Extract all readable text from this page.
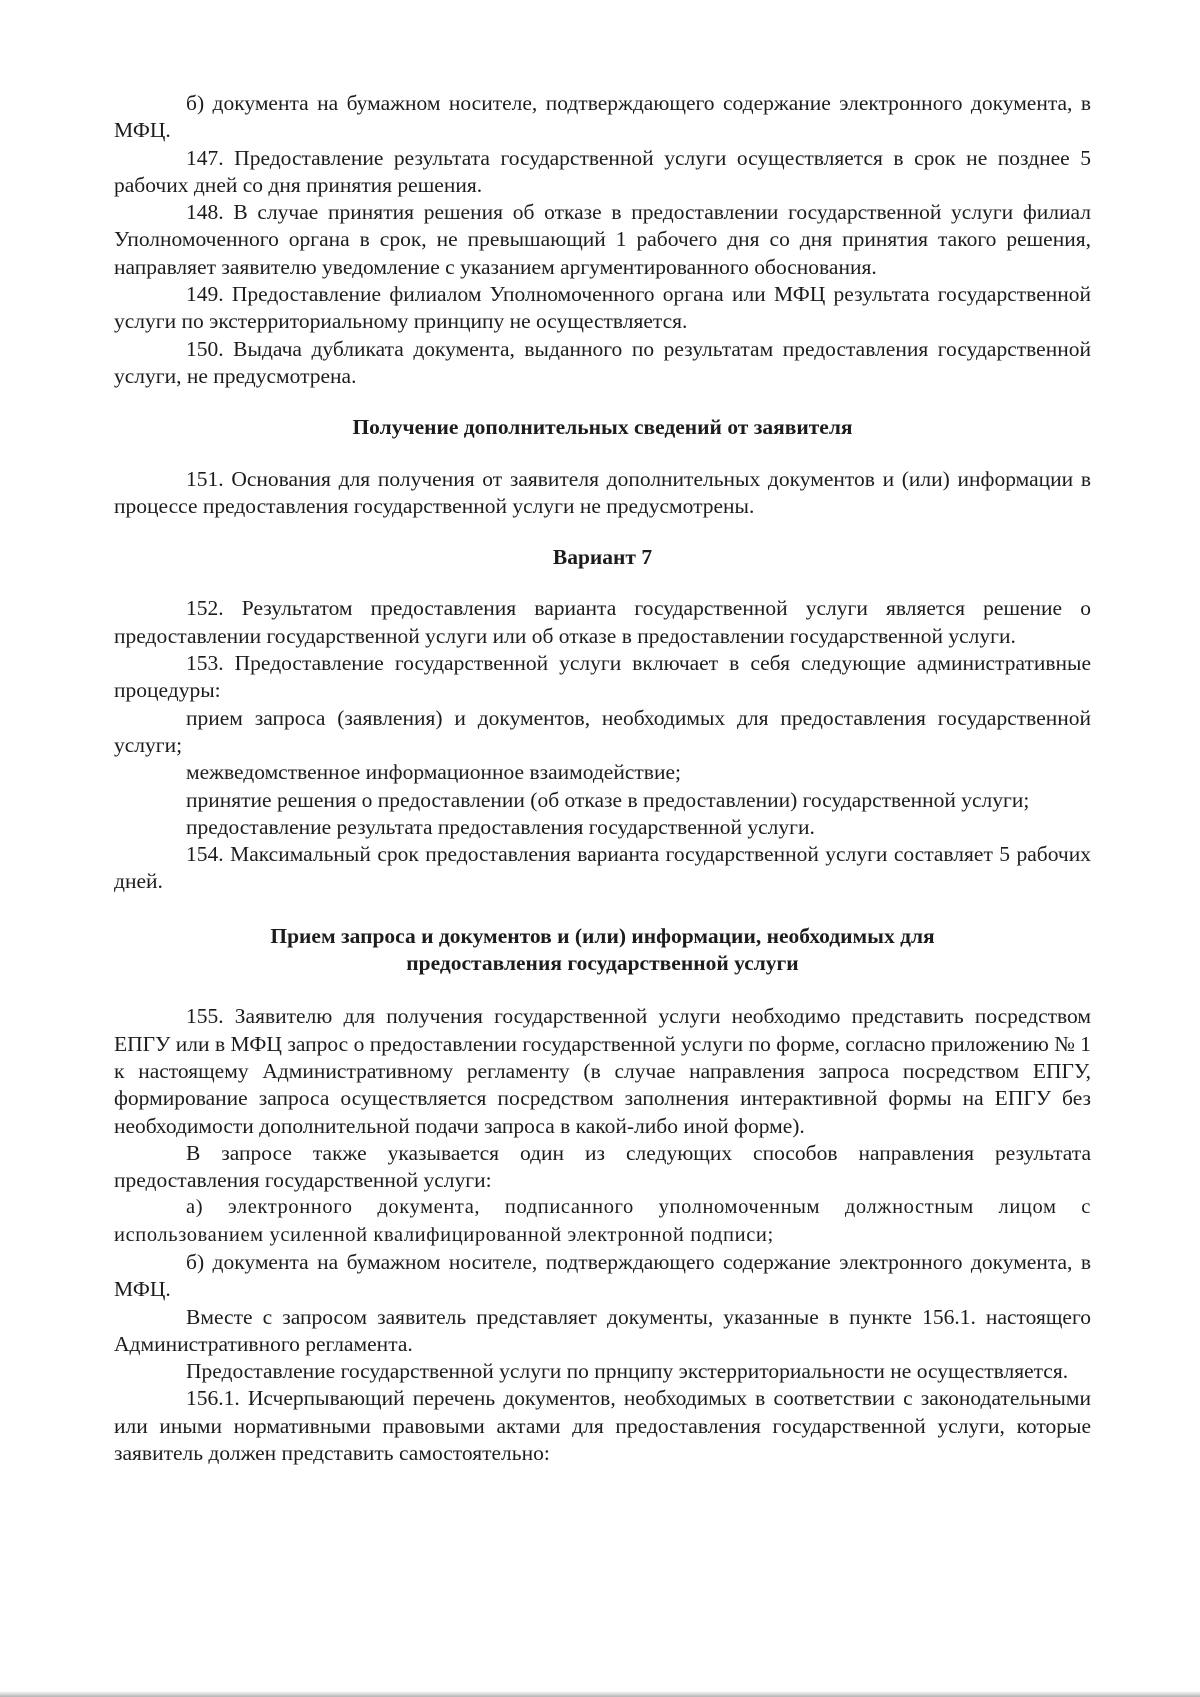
б) документа на бумажном носителе, подтверждающего содержание электронного документа, в МФЦ.

147. Предоставление результата государственной услуги осуществляется в срок не позднее 5 рабочих дней со дня принятия решения.

148. В случае принятия решения об отказе в предоставлении государственной услуги филиал Уполномоченного органа в срок, не превышающий 1 рабочего дня со дня принятия такого решения, направляет заявителю уведомление с указанием аргументированного обоснования.

149. Предоставление филиалом Уполномоченного органа или МФЦ результата государственной услуги по экстерриториальному принципу не осуществляется.

150. Выдача дубликата документа, выданного по результатам предоставления государственной услуги, не предусмотрена.

Получение дополнительных сведений от заявителя

151. Основания для получения от заявителя дополнительных документов и (или) информации в процессе предоставления государственной услуги не предусмотрены.

Вариант 7

152. Результатом предоставления варианта государственной услуги является решение о предоставлении государственной услуги или об отказе в предоставлении государственной услуги.

153. Предоставление государственной услуги включает в себя следующие административные процедуры:

прием запроса (заявления) и документов, необходимых для предоставления государственной услуги;

межведомственное информационное взаимодействие;

принятие решения о предоставлении (об отказе в предоставлении) государственной услуги;

предоставление результата предоставления государственной услуги.

154. Максимальный срок предоставления варианта государственной услуги составляет 5 рабочих дней.

Прием запроса и документов и (или) информации, необходимых для

предоставления государственной услуги

155. Заявителю для получения государственной услуги необходимо представить посредством ЕПГУ или в МФЦ запрос о предоставлении государственной услуги по форме, согласно приложению № 1 к настоящему Административному регламенту (в случае направления запроса посредством ЕПГУ, формирование запроса осуществляется посредством заполнения интерактивной формы на ЕПГУ без необходимости дополнительной подачи запроса в какой-либо иной форме).

В запросе также указывается один из следующих способов направления результата предоставления государственной услуги:

а) электронного документа, подписанного уполномоченным должностным лицом с использованием усиленной квалифицированной электронной подписи;

б) документа на бумажном носителе, подтверждающего содержание электронного документа, в МФЦ.

Вместе с запросом заявитель представляет документы, указанные в пункте 156.1. настоящего Административного регламента.

Предоставление государственной услуги по прнципу экстерриториальности не осуществляется.

156.1. Исчерпывающий перечень документов, необходимых в соответствии с законодательными или иными нормативными правовыми актами для предоставления государственной услуги, которые заявитель должен представить самостоятельно:
